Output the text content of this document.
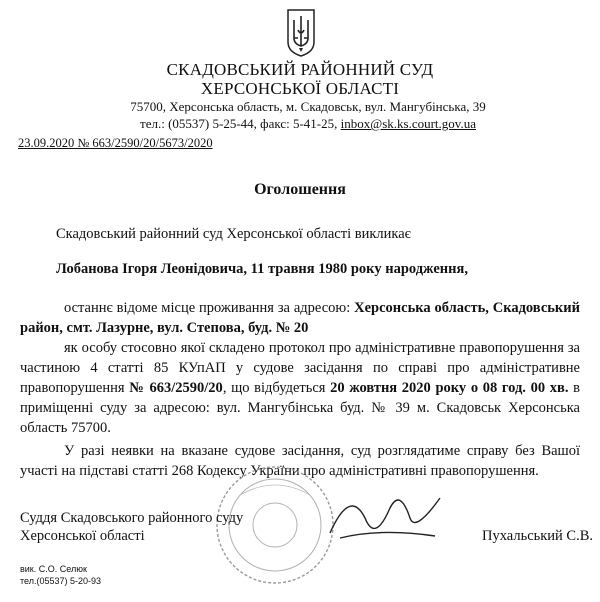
СКАДОВСЬКИЙ РАЙОННИЙ СУД
ХЕРСОНСЬКОЇ ОБЛАСТІ
75700, Херсонська область, м. Скадовськ, вул. Мангубінська, 39
тел.: (05537) 5-25-44, факс: 5-41-25, inbox@sk.ks.court.gov.ua
23.09.2020 № 663/2590/20/5673/2020
Оголошення
Скадовський районний суд Херсонської області викликає
Лобанова Ігоря Леонідовича, 11 травня 1980 року народження,
останнє відоме місце проживання за адресою: Херсонська область, Скадовський район, смт. Лазурне, вул. Степова, буд. № 20
як особу стосовно якої складено протокол про адміністративне правопорушення за частиною 4 статті 85 КУпАП у судове засідання по справі про адміністративне правопорушення № 663/2590/20, що відбудеться 20 жовтня 2020 року о 08 год. 00 хв. в приміщенні суду за адресою: вул. Мангубінська буд. № 39 м. Скадовськ Херсонська область 75700.
У разі неявки на вказане судове засідання, суд розглядатиме справу без Вашої участі на підставі статті 268 Кодексу України про адміністративні правопорушення.
Суддя Скадовського районного суду
Херсонської області	Пухальський С.В.
вик. С.О. Селюк
тел.(05537) 5-20-93
